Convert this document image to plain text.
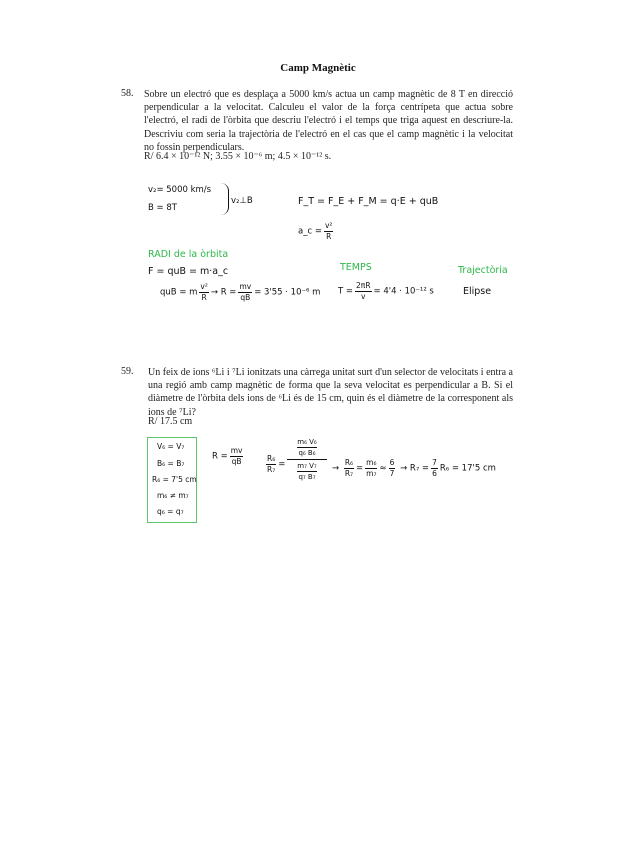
Camp Magnètic
58. Sobre un electró que es desplaça a 5000 km/s actua un camp magnètic de 8 T en direcció perpendicular a la velocitat. Calculeu el valor de la força centrípeta que actua sobre l'electró, el radi de l'òrbita que descriu l'electró i el temps que triga aquest en descriure-la. Descriviu com seria la trajectòria de l'electró en el cas que el camp magnètic i la velocitat no fossin perpendiculars.
R/ 6.4 × 10⁻¹² N; 3.55 × 10⁻⁶ m; 4.5 × 10⁻¹² s.
v₂= 5000 km/s
B = 8T
v₂⊥B	F_T = F_E + F_M = q·E + quB
a_c = $\frac{\text{v²}}{R}$
RADI de la òrbita
F = quB = m·a_c
quB = m $\frac{\text{v²}}{R} \to R = \frac{mv}{qB} = 3'55 \cdot 10^{-6}$ m
TEMPS
$T = \frac{2\pi R}{v} = 4'4 \cdot 10^{-12}$ s
Trajectòria
Elipse
59. Un feix de ions ⁶Li i ⁷Li ionitzats una càrrega unitat surt d'un selector de velocitats i entra a una regió amb camp magnètic de forma que la seva velocitat es perpendicular a B. Si el diàmetre de l'òrbita dels ions de ⁶Li és de 15 cm, quin és el diàmetre de la corresponent als ions de ⁷Li?
R/ 17.5 cm
V₆ = V₇
B₆ = B₇
R₆ = 7'5 cm
m₆ ≠ m₇
q₆ = q₇
$R = \frac{mv}{qB}$	$\frac{\text{R₆}}{\text{R₇}}$ =
m₆ V₆
q₆ B₆
m₇ V₇
q₇ B₇
→ $\frac{\text{R₆}}{\text{R₇}} = \frac{\text{m₆}}{\text{m₇}} \approx \frac{6}{7} \to R_7 = \frac{7}{6} R_6 = 17'5$ cm
